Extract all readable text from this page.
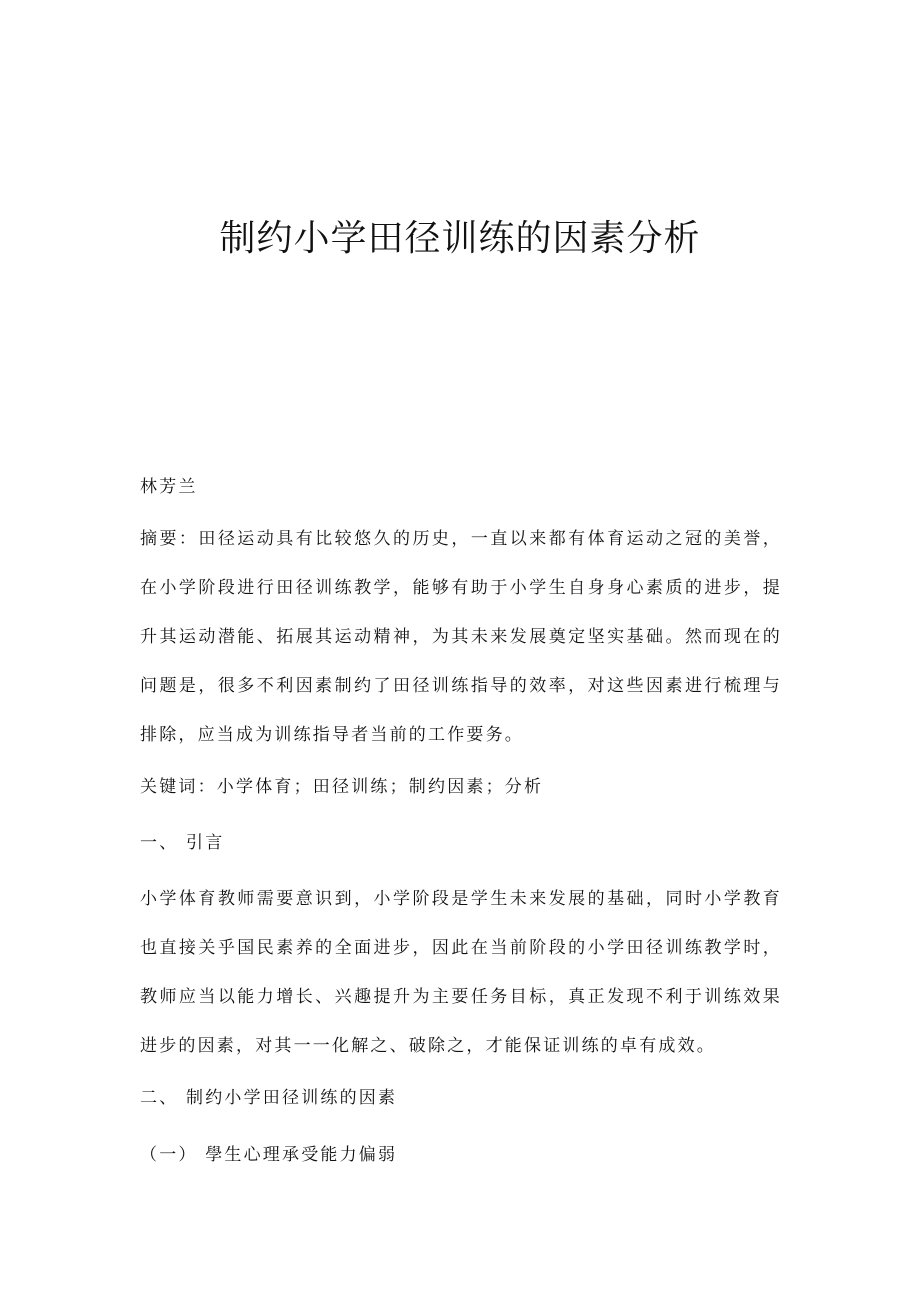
制约小学田径训练的因素分析
林芳兰
摘要：田径运动具有比较悠久的历史，一直以来都有体育运动之冠的美誉，在小学阶段进行田径训练教学，能够有助于小学生自身身心素质的进步，提升其运动潜能、拓展其运动精神，为其未来发展奠定坚实基础。然而现在的问题是，很多不利因素制约了田径训练指导的效率，对这些因素进行梳理与排除，应当成为训练指导者当前的工作要务。
关键词：小学体育；田径训练；制约因素；分析
一、 引言
小学体育教师需要意识到，小学阶段是学生未来发展的基础，同时小学教育也直接关乎国民素养的全面进步，因此在当前阶段的小学田径训练教学时，教师应当以能力增长、兴趣提升为主要任务目标，真正发现不利于训练效果进步的因素，对其一一化解之、破除之，才能保证训练的卓有成效。
二、 制约小学田径训练的因素
（一） 學生心理承受能力偏弱
